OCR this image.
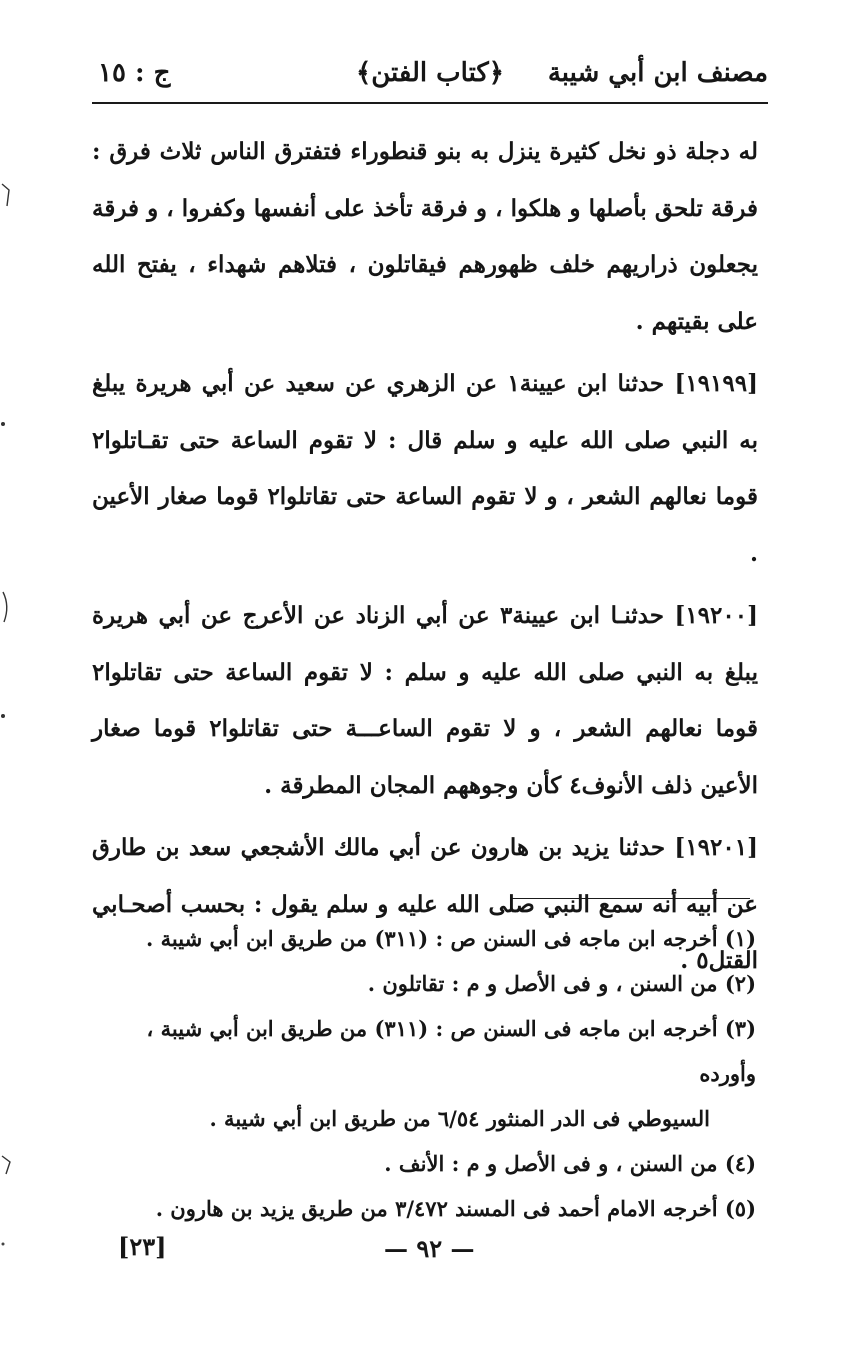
مصنف ابن أبي شيبة
﴿كتاب الفتن﴾
ج : ١٥

له دجلة ذو نخل كثيرة ينزل به بنو قنطوراء فتفترق الناس ثلاث فرق : فرقة تلحق بأصلها و هلكوا ، و فرقة تأخذ على أنفسها وكفروا ، و فرقة يجعلون ذراريهم خلف ظهورهم فيقاتلون ، فتلاهم شهداء ، يفتح الله على بقيتهم .

[١٩١٩٩] حدثنا ابن عيينة١ عن الزهري عن سعيد عن أبي هريرة يبلغ به النبي صلى الله عليه و سلم قال : لا تقوم الساعة حتى تقـاتلوا٢ قوما نعالهم الشعر ، و لا تقوم الساعة حتى تقاتلوا٢ قوما صغار الأعين .

[١٩٢٠٠] حدثنـا ابن عيينة٣ عن أبي الزناد عن الأعرج عن أبي هريرة يبلغ به النبي صلى الله عليه و سلم : لا تقوم الساعة حتى تقاتلوا٢ قوما نعالهم الشعر ، و لا تقوم الساعـــة حتى تقاتلوا٢ قوما صغار الأعين ذلف الأنوف٤ كأن وجوههم المجان المطرقة .

[١٩٢٠١] حدثنا يزيد بن هارون عن أبي مالك الأشجعي سعد بن طارق عن أبيه أنه سمع النبي صلى الله عليه و سلم يقول : بحسب أصحـابي القتل٥ .

(١) أخرجه ابن ماجه فى السنن ص : (٣١١) من طريق ابن أبي شيبة .
(٢) من السنن ، و فى الأصل و م : تقاتلون .
(٣) أخرجه ابن ماجه فى السنن ص : (٣١١) من طريق ابن أبي شيبة ، وأورده
السيوطي فى الدر المنثور ٦/٥٤ من طريق ابن أبي شيبة .
(٤) من السنن ، و فى الأصل و م : الأنف .
(٥) أخرجه الامام أحمد فى المسند ٣/٤٧٢ من طريق يزيد بن هارون .
— ٩٢ —
[٢٣]
